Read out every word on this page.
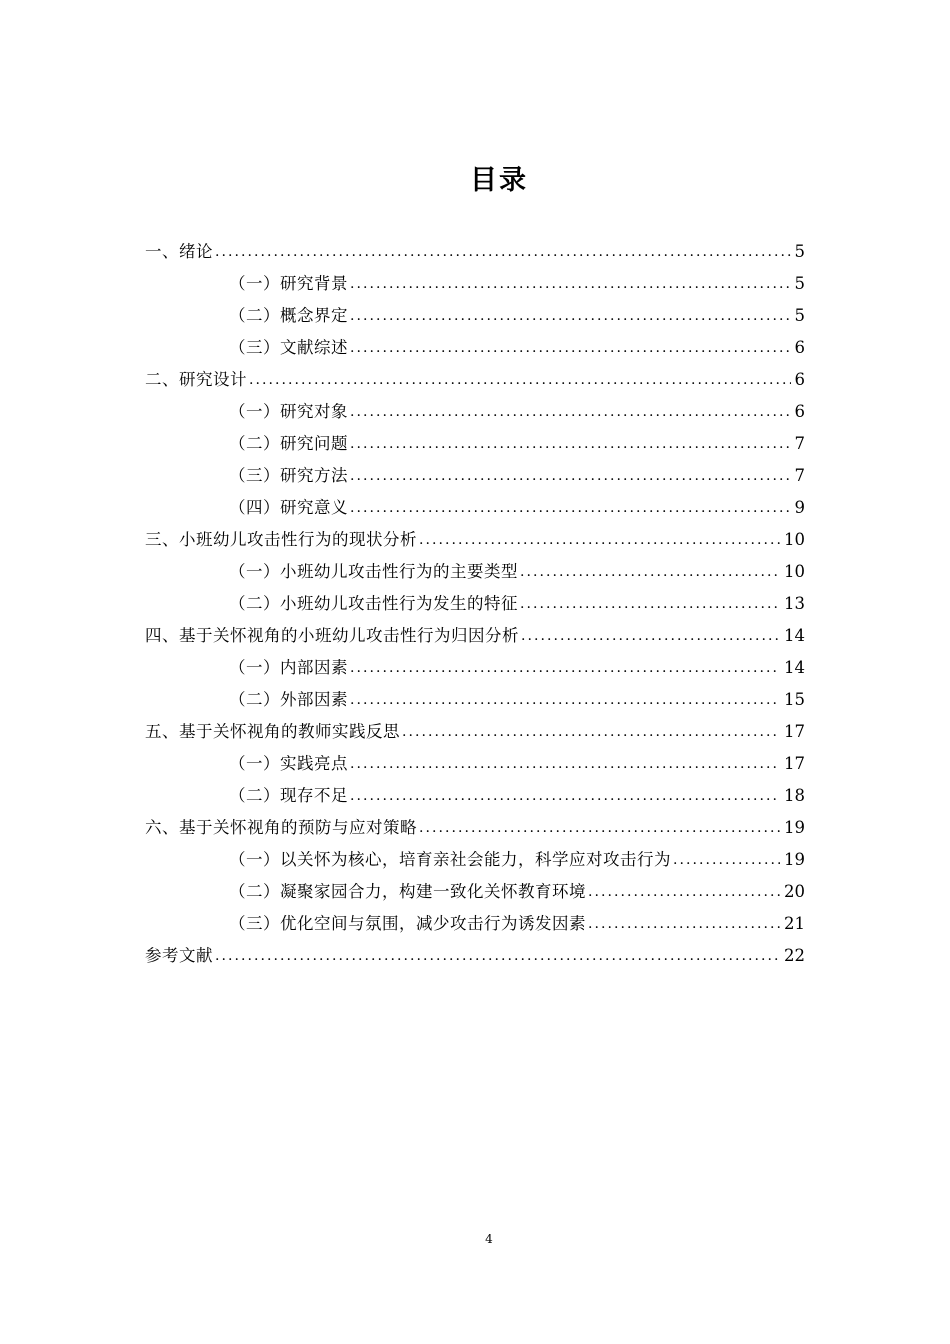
目录
一、绪论 . . .	5
（一）研究背景 . . .	5
（二）概念界定 . . .	5
（三）文献综述 . . .	6
二、研究设计 . . .	6
（一）研究对象 . . .	6
（二）研究问题 . . .	7
（三）研究方法 . . .	7
（四）研究意义 . . .	9
三、小班幼儿攻击性行为的现状分析 . . .	10
（一）小班幼儿攻击性行为的主要类型 . . .	10
（二）小班幼儿攻击性行为发生的特征 . . .	13
四、基于关怀视角的小班幼儿攻击性行为归因分析 . . .	14
（一）内部因素 . . .	14
（二）外部因素 . . .	15
五、基于关怀视角的教师实践反思 . . .	17
（一）实践亮点 . . .	17
（二）现存不足 . . .	18
六、基于关怀视角的预防与应对策略 . . .	19
（一）以关怀为核心，培育亲社会能力，科学应对攻击行为 . . .	19
（二）凝聚家园合力，构建一致化关怀教育环境 . . .	20
（三）优化空间与氛围，减少攻击行为诱发因素 . . .	21
参考文献 . . .	22
4
